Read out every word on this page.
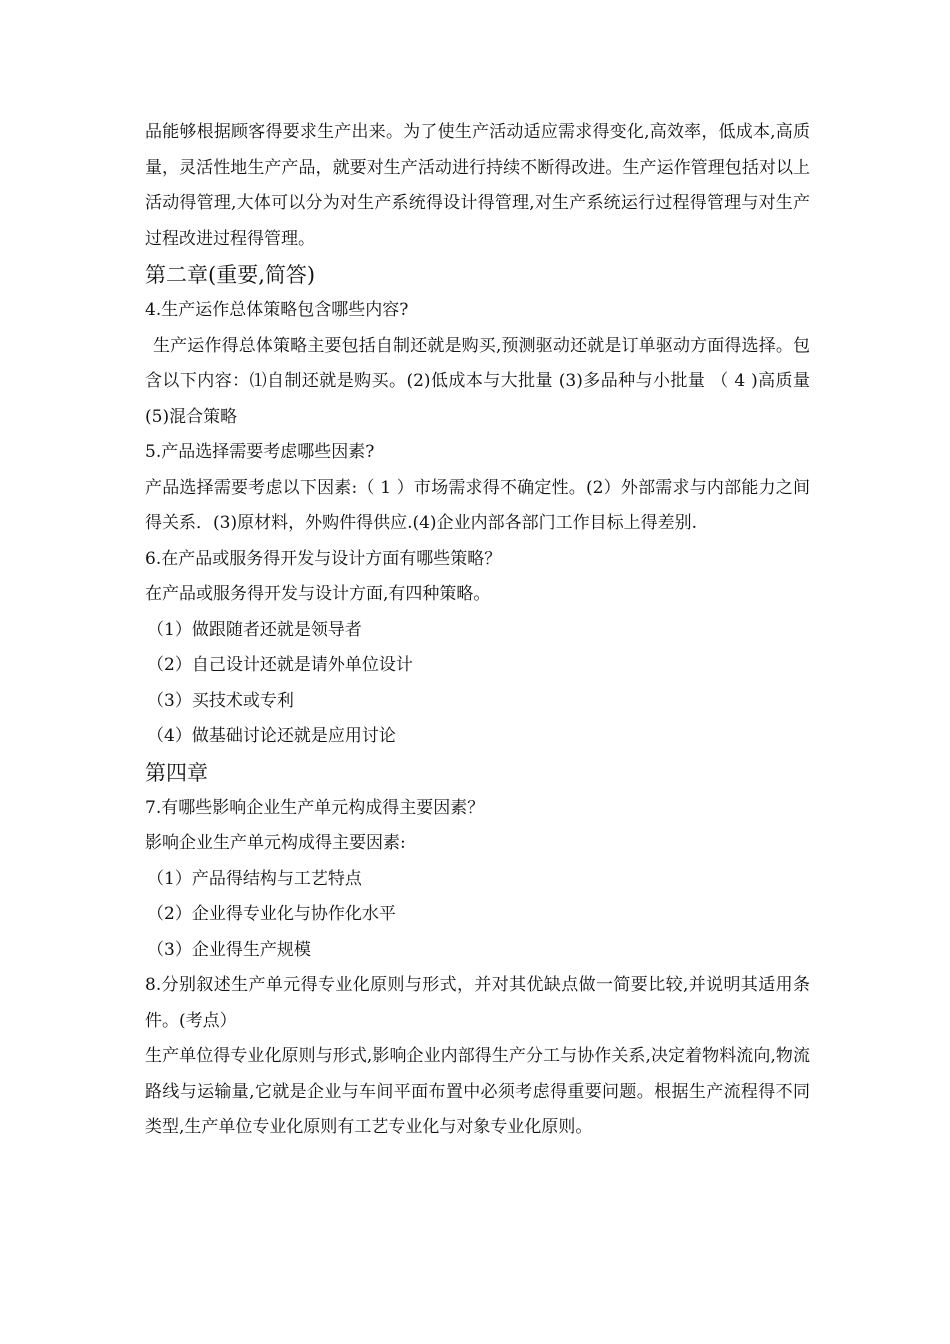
品能够根据顾客得要求生产出来。为了使生产活动适应需求得变化,高效率，低成本,高质量，灵活性地生产产品，就要对生产活动进行持续不断得改进。生产运作管理包括对以上活动得管理,大体可以分为对生产系统得设计得管理,对生产系统运行过程得管理与对生产过程改进过程得管理。

第二章(重要,简答)

4.生产运作总体策略包含哪些内容?

生产运作得总体策略主要包括自制还就是购买,预测驱动还就是订单驱动方面得选择。包含以下内容：⑴自制还就是购买。(2)低成本与大批量 (3)多品种与小批量 （ 4 )高质量 (5)混合策略

5.产品选择需要考虑哪些因素?

产品选择需要考虑以下因素:（ 1 ）市场需求得不确定性。(2）外部需求与内部能力之间得关系．(3)原材料，外购件得供应.(4)企业内部各部门工作目标上得差别.

6.在产品或服务得开发与设计方面有哪些策略？

在产品或服务得开发与设计方面,有四种策略。

（1）做跟随者还就是领导者

（2）自己设计还就是请外单位设计

（3）买技术或专利

（4）做基础讨论还就是应用讨论

第四章

7.有哪些影响企业生产单元构成得主要因素？

影响企业生产单元构成得主要因素:

（1）产品得结构与工艺特点

（2）企业得专业化与协作化水平

（3）企业得生产规模

8.分别叙述生产单元得专业化原则与形式，并对其优缺点做一简要比较,并说明其适用条件。(考点）

生产单位得专业化原则与形式,影响企业内部得生产分工与协作关系,决定着物料流向,物流路线与运输量,它就是企业与车间平面布置中必须考虑得重要问题。根据生产流程得不同类型,生产单位专业化原则有工艺专业化与对象专业化原则。
